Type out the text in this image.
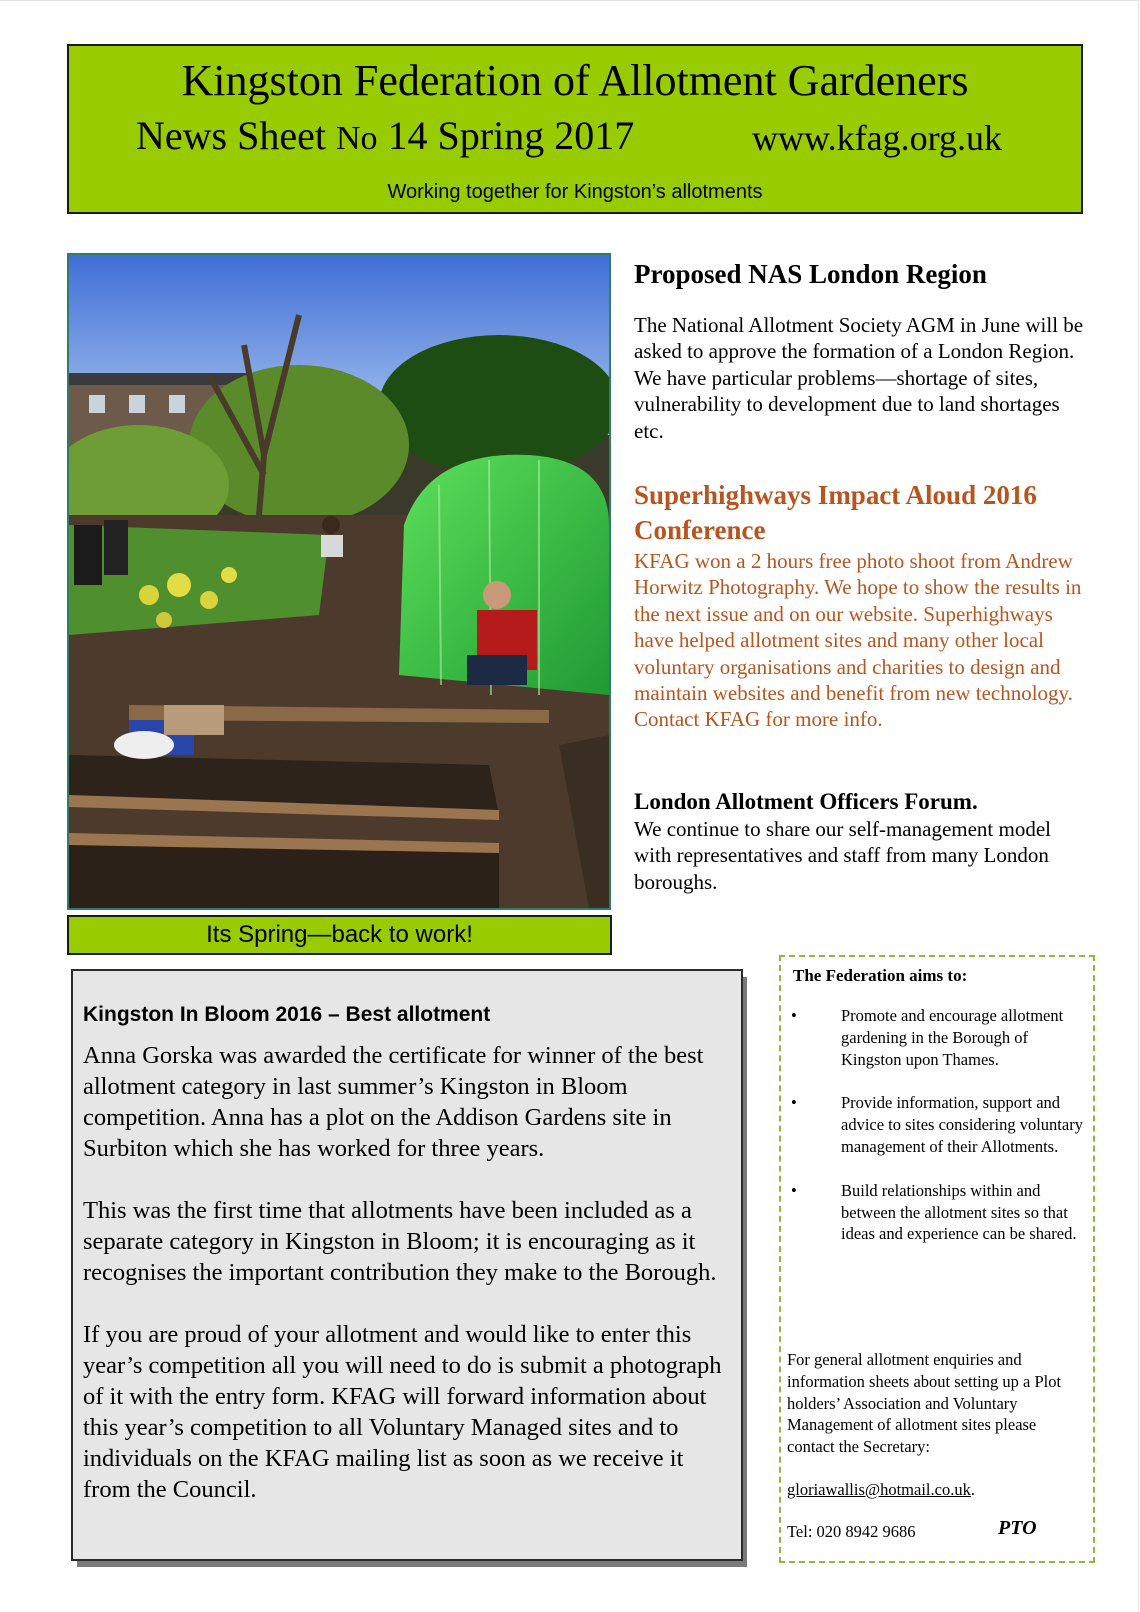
Kingston Federation of Allotment Gardeners
News Sheet No 14 Spring 2017	www.kfag.org.uk
Working together for Kingston’s allotments
Its Spring—back to work!
Proposed NAS London Region

The National Allotment Society AGM in June will be asked to approve the formation of a London Region. We have particular problems—shortage of sites, vulnerability to development due to land shortages etc.

Superhighways Impact Aloud 2016 Conference

KFAG won a 2 hours free photo shoot from Andrew Horwitz Photography. We hope to show the results in the next issue and on our website. Superhighways have helped allotment sites and many other local voluntary organisations and charities to design and maintain websites and benefit from new technology. Contact KFAG for more info.

London Allotment Officers Forum.

We continue to share our self-management model with representatives and staff from many London boroughs.

Kingston In Bloom 2016 – Best allotment

Anna Gorska was awarded the certificate for winner of the best allotment category in last summer’s Kingston in Bloom competition. Anna has a plot on the Addison Gardens site in Surbiton which she has worked for three years.

This was the first time that allotments have been included as a separate category in Kingston in Bloom; it is encouraging as it recognises the important contribution they make to the Borough.

If you are proud of your allotment and would like to enter this year’s competition all you will need to do is submit a photograph of it with the entry form. KFAG will forward information about this year’s competition to all Voluntary Managed sites and to individuals on the KFAG mailing list as soon as we receive it from the Council.

The Federation aims to:
•	Promote and encourage allotment gardening in the Borough of Kingston upon Thames.
•	Provide information, support and advice to sites considering voluntary management of their Allotments.
•	Build relationships within and between the allotment sites so that ideas and experience can be shared.
For general allotment enquiries and information sheets about setting up a Plot holders’ Association and Voluntary Management of allotment sites please contact the Secretary:
gloriawallis@hotmail.co.uk.
Tel: 020 8942 9686	PTO
